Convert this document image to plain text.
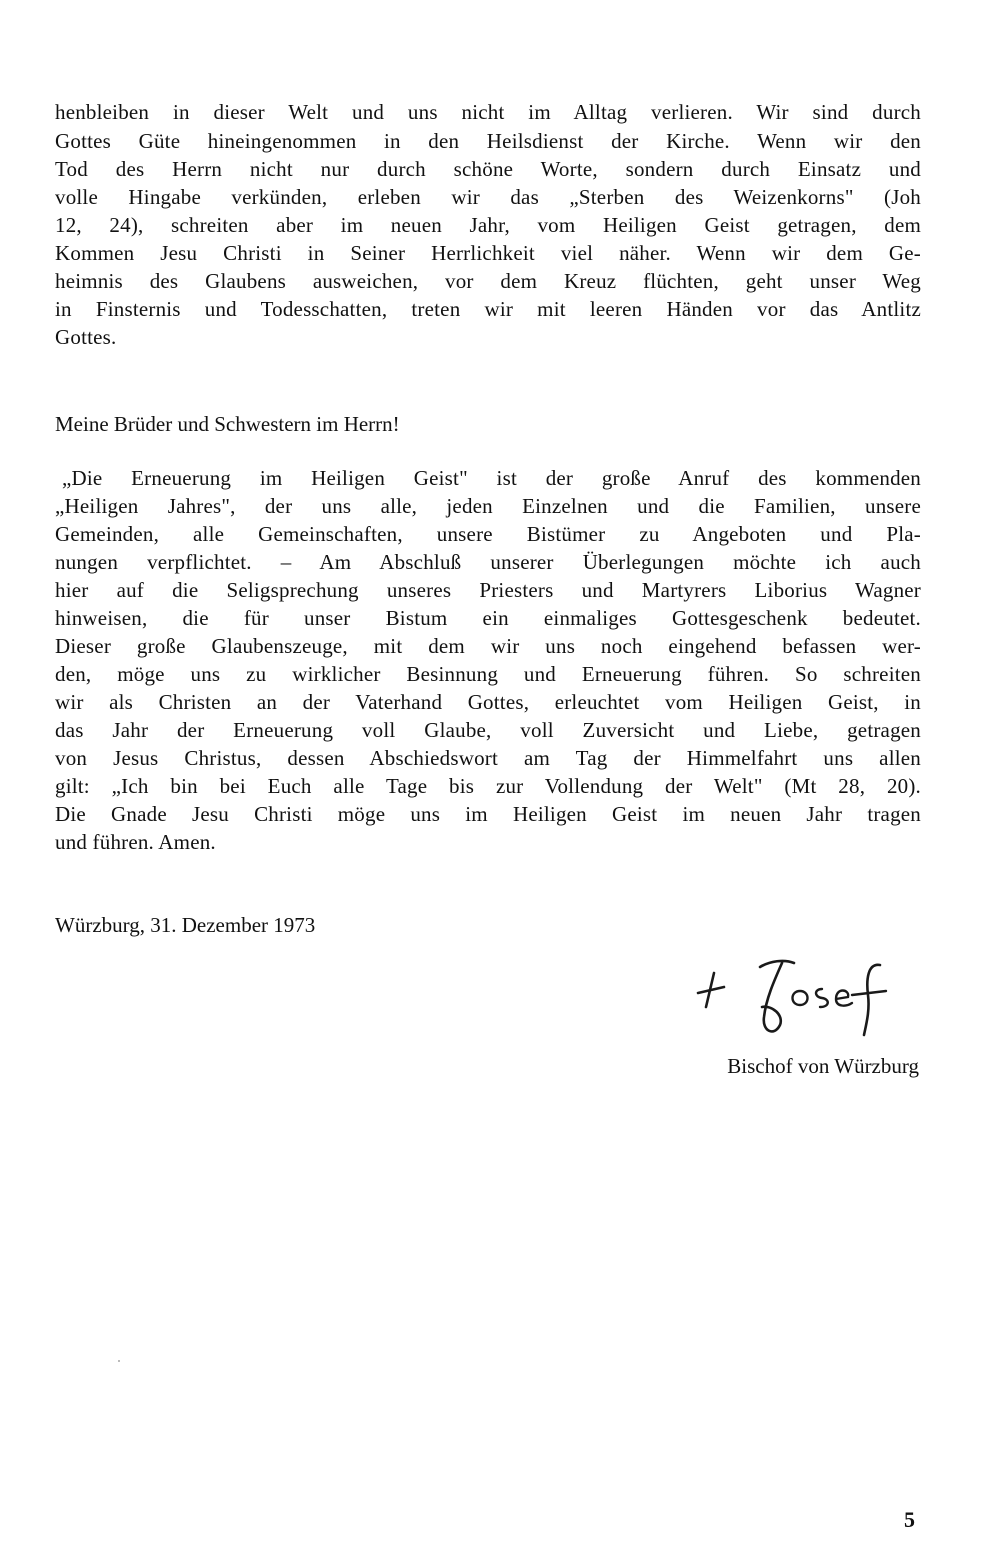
henbleiben in dieser Welt und uns nicht im Alltag verlieren. Wir sind durch
Gottes Güte hineingenommen in den Heilsdienst der Kirche. Wenn wir den
Tod des Herrn nicht nur durch schöne Worte, sondern durch Einsatz und
volle Hingabe verkünden, erleben wir das „Sterben des Weizenkorns" (Joh
12, 24), schreiten aber im neuen Jahr, vom Heiligen Geist getragen, dem
Kommen Jesu Christi in Seiner Herrlichkeit viel näher. Wenn wir dem Ge-
heimnis des Glaubens ausweichen, vor dem Kreuz flüchten, geht unser Weg
in Finsternis und Todesschatten, treten wir mit leeren Händen vor das Antlitz
Gottes.
Meine Brüder und Schwestern im Herrn!
„Die Erneuerung im Heiligen Geist" ist der große Anruf des kommenden
„Heiligen Jahres", der uns alle, jeden Einzelnen und die Familien, unsere
Gemeinden, alle Gemeinschaften, unsere Bistümer zu Angeboten und Pla-
nungen verpflichtet. – Am Abschluß unserer Überlegungen möchte ich auch
hier auf die Seligsprechung unseres Priesters und Martyrers Liborius Wagner
hinweisen, die für unser Bistum ein einmaliges Gottesgeschenk bedeutet.
Dieser große Glaubenszeuge, mit dem wir uns noch eingehend befassen wer-
den, möge uns zu wirklicher Besinnung und Erneuerung führen. So schreiten
wir als Christen an der Vaterhand Gottes, erleuchtet vom Heiligen Geist, in
das Jahr der Erneuerung voll Glaube, voll Zuversicht und Liebe, getragen
von Jesus Christus, dessen Abschiedswort am Tag der Himmelfahrt uns allen
gilt: „Ich bin bei Euch alle Tage bis zur Vollendung der Welt" (Mt 28, 20).
Die Gnade Jesu Christi möge uns im Heiligen Geist im neuen Jahr tragen
und führen. Amen.
Würzburg, 31. Dezember 1973
Bischof von Würzburg
5
